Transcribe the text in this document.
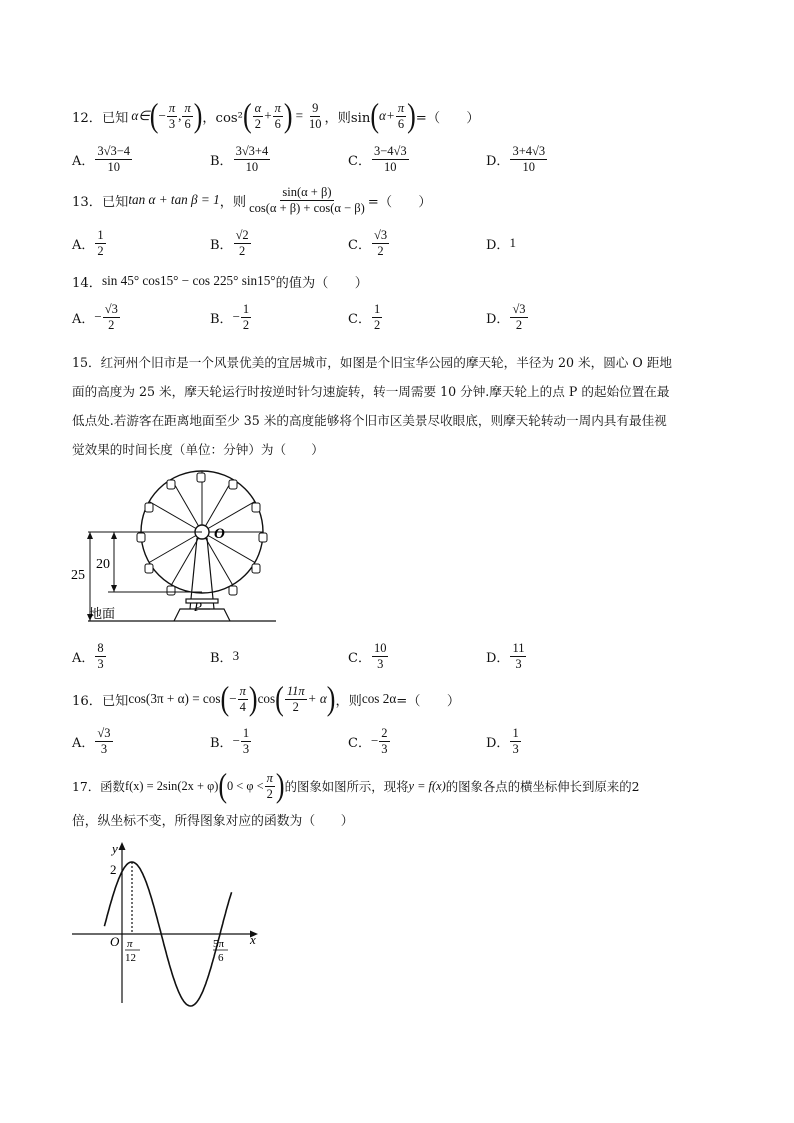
12．已知 α∈ ( − $\frac{\pi}{3}$ , $\frac{\pi}{6}$ ) ，cos² ( $\frac{\alpha}{2} + \frac{\pi}{6}$ ) = $\frac{9}{10}$ ，则sin ( $\alpha+ \frac{\pi}{6}$ ) =（　　）
A． $\frac{3√3-4}{10}$	B． $\frac{3√3+4}{10}$	C． $\frac{3-4√3}{10}$	D． $\frac{3+4√3}{10}$
13．已知 tan α + tan β = 1 ，则 $\frac{\sin(\alpha + \beta)}{\cos(\alpha + \beta) + \cos(\alpha - \beta)}$ =（　　）
A． $\frac{1}{2}$	B． $\frac{√2}{2}$	C． $\frac{√3}{2}$	D． 1
14． sin 45° cos15° − cos 225° sin15° 的值为（　　）
A． − $\frac{√3}{2}$	B． − $\frac{1}{2}$	C． $\frac{1}{2}$	D． $\frac{√3}{2}$
15．红河州个旧市是一个风景优美的宜居城市，如图是个旧宝华公园的摩天轮，半径为 20 米，圆心 O 距地
面的高度为 25 米，摩天轮运行时按逆时针匀速旋转，转一周需要 10 分钟.摩天轮上的点 P 的起始位置在最
低点处.若游客在距离地面至少 35 米的高度能够将个旧市区美景尽收眼底，则摩天轮转动一周内具有最佳视
觉效果的时间长度（单位：分钟）为（　　）
O
P
25
20
地面
A． $\frac{8}{3}$	B． 3	C． $\frac{10}{3}$	D． $\frac{11}{3}$
16．已知 cos(3π + α) = cos ( − $\frac{\pi}{4}$ ) cos ( $\frac{11\pi}{2} + \alpha$ ) ，则 cos 2α =（　　）
A． $\frac{√3}{3}$	B． − $\frac{1}{3}$	C． − $\frac{2}{3}$	D． $\frac{1}{3}$
17．函数 f(x) = 2sin(2x + φ) ( $0 < \varphi < \frac{\pi}{2}$ ) 的图象如图所示，现将 y = f(x) 的图象各点的横坐标伸长到原来的2
倍，纵坐标不变，所得图象对应的函数为（　　）
y
x
O
2
π
12
5π
6
